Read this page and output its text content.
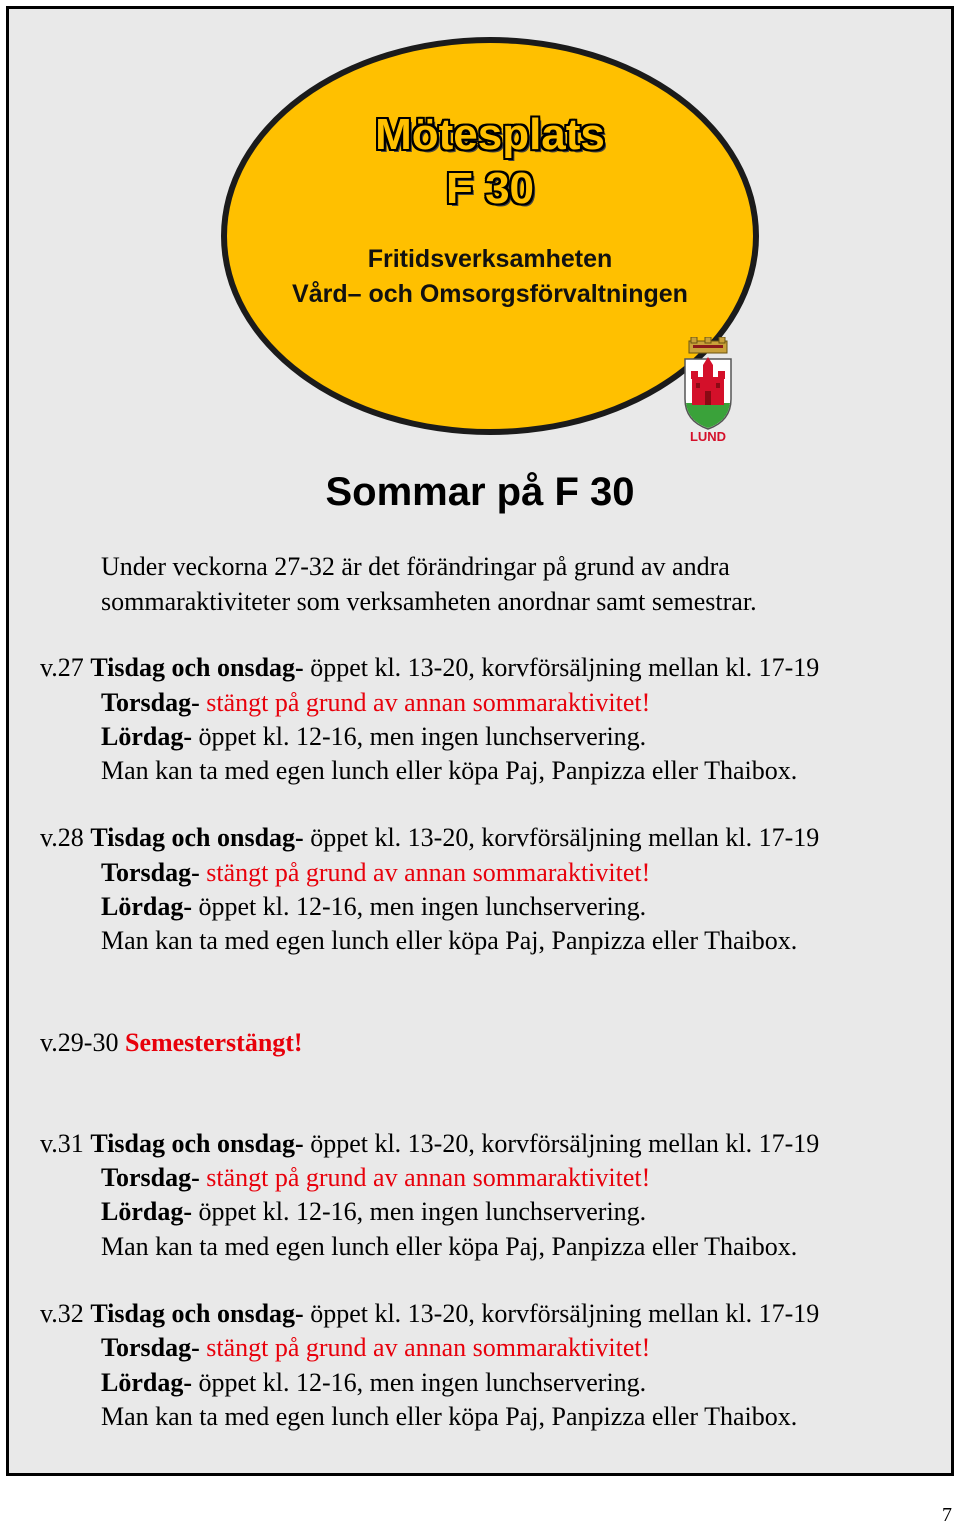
Mötesplats
F 30
Fritidsverksamheten
Vård– och Omsorgsförvaltningen
LUND
Sommar på F 30
Under veckorna 27-32 är det förändringar på grund av andra
sommaraktiviteter som verksamheten anordnar samt semestrar.
v.27 Tisdag och onsdag- öppet kl. 13-20, korvförsäljning mellan kl. 17-19
Torsdag- stängt på grund av annan sommaraktivitet!
Lördag- öppet kl. 12-16, men ingen lunchservering.
Man kan ta med egen lunch eller köpa Paj, Panpizza eller Thaibox.
v.28 Tisdag och onsdag- öppet kl. 13-20, korvförsäljning mellan kl. 17-19
Torsdag- stängt på grund av annan sommaraktivitet!
Lördag- öppet kl. 12-16, men ingen lunchservering.
Man kan ta med egen lunch eller köpa Paj, Panpizza eller Thaibox.
v.29-30 Semesterstängt!
v.31 Tisdag och onsdag- öppet kl. 13-20, korvförsäljning mellan kl. 17-19
Torsdag- stängt på grund av annan sommaraktivitet!
Lördag- öppet kl. 12-16, men ingen lunchservering.
Man kan ta med egen lunch eller köpa Paj, Panpizza eller Thaibox.
v.32 Tisdag och onsdag- öppet kl. 13-20, korvförsäljning mellan kl. 17-19
Torsdag- stängt på grund av annan sommaraktivitet!
Lördag- öppet kl. 12-16, men ingen lunchservering.
Man kan ta med egen lunch eller köpa Paj, Panpizza eller Thaibox.
7
